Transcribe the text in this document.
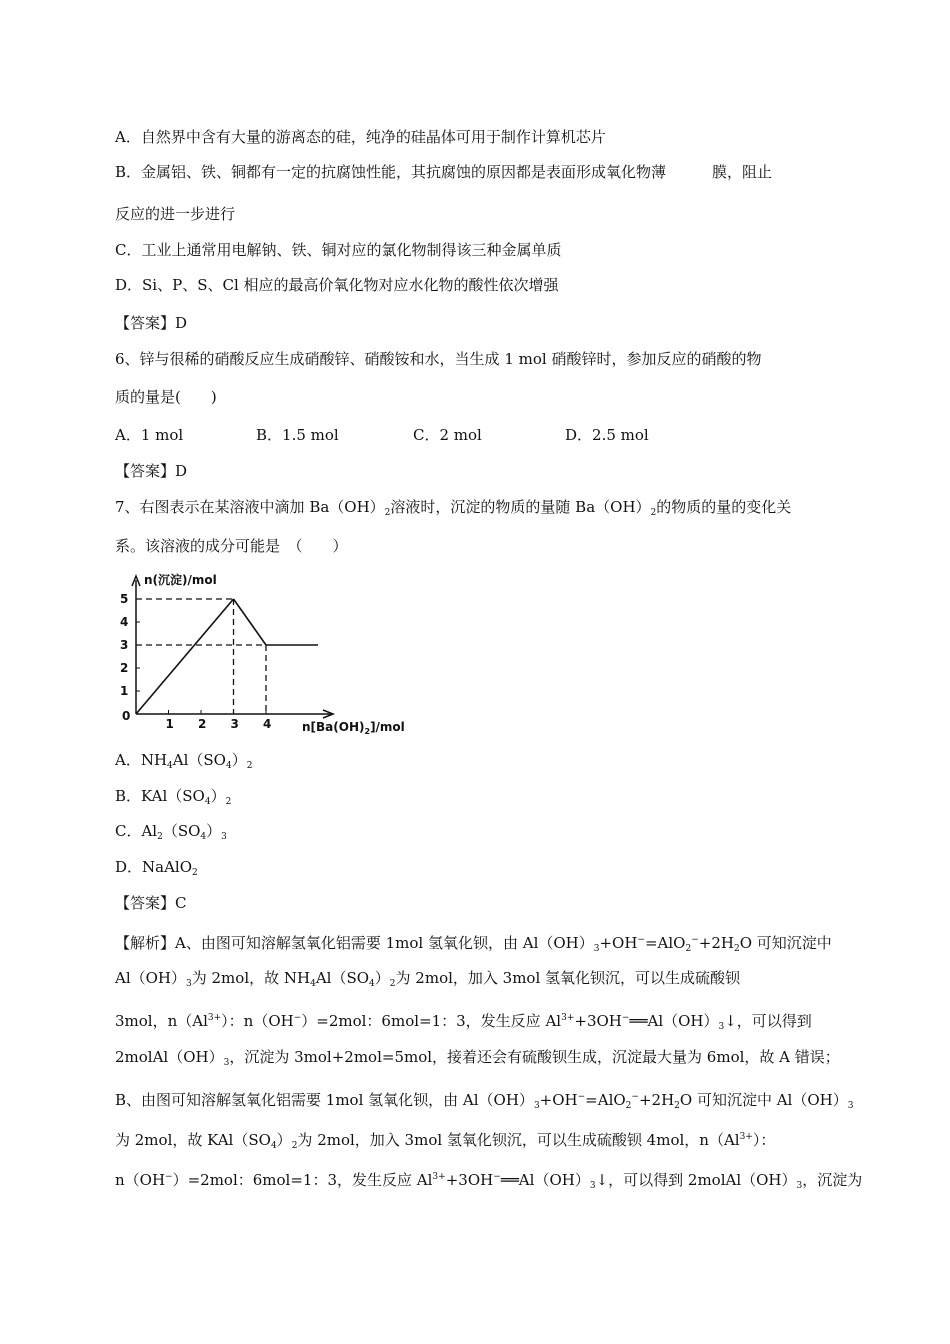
A．自然界中含有大量的游离态的硅，纯净的硅晶体可用于制作计算机芯片
B．金属铝、铁、铜都有一定的抗腐蚀性能，其抗腐蚀的原因都是表面形成氧化物薄	膜，阻止
反应的进一步进行
C．工业上通常用电解钠、铁、铜对应的氯化物制得该三种金属单质
D．Si、P、S、Cl 相应的最高价氧化物对应水化物的酸性依次增强
【答案】D
6、锌与很稀的硝酸反应生成硝酸锌、硝酸铵和水，当生成 1 mol 硝酸锌时，参加反应的硝酸的物
质的量是(　　)
A．1 mol	B．1.5 mol	C．2 mol	D．2.5 mol
【答案】D
7、右图表示在某溶液中滴加 $Ba(OH)_2$溶液时，沉淀的物质的量随 $Ba(OH)_2$的物质的量的变化关
系。该溶液的成分可能是　（　　）
0
1
2
3
4
5
1 2 3 4
n(沉淀)/mol
$n[Ba(OH)_2]$/mol
A．$NH_4Al(SO_4)_2$
B．$KAl(SO_4)_2$
C．$Al_2(SO_4)_3$
D．NaAlO$_2$
【答案】C
【解析】A、由图可知溶解氢氧化铝需要 1mol 氢氧化钡，由 $Al(OH)_3+OH^-=AlO_2^-+2H_2O$ 可知沉淀中
$Al(OH)_3$为 2mol，故 $NH_4Al(SO_4)_2$为 2mol，加入 3mol 氢氧化钡沉，可以生成硫酸钡
3mol，$n(Al^{3+})$：n（OH−）=2mol：6mol=1：3，发生反应 $Al^{3+}+3OH^-══Al(OH)_3↓$，可以得到
$2molAl(OH)_3$，沉淀为 3mol+2mol=5mol，接着还会有硫酸钡生成，沉淀最大量为 6mol，故 A 错误；
B、由图可知溶解氢氧化铝需要 1mol 氢氧化钡，由 $Al(OH)_3+OH^-=AlO_2^-+2H_2O$ 可知沉淀中 $Al(OH)_3$
为 2mol，故 $KAl(SO_4)_2$为 2mol，加入 3mol 氢氧化钡沉，可以生成硫酸钡 4mol，$n(Al^{3+})$：
n（OH−）=2mol：6mol=1：3，发生反应 $Al^{3+}+3OH^-══Al(OH)_3↓$，可以得到 $2molAl(OH)_3$，沉淀为
